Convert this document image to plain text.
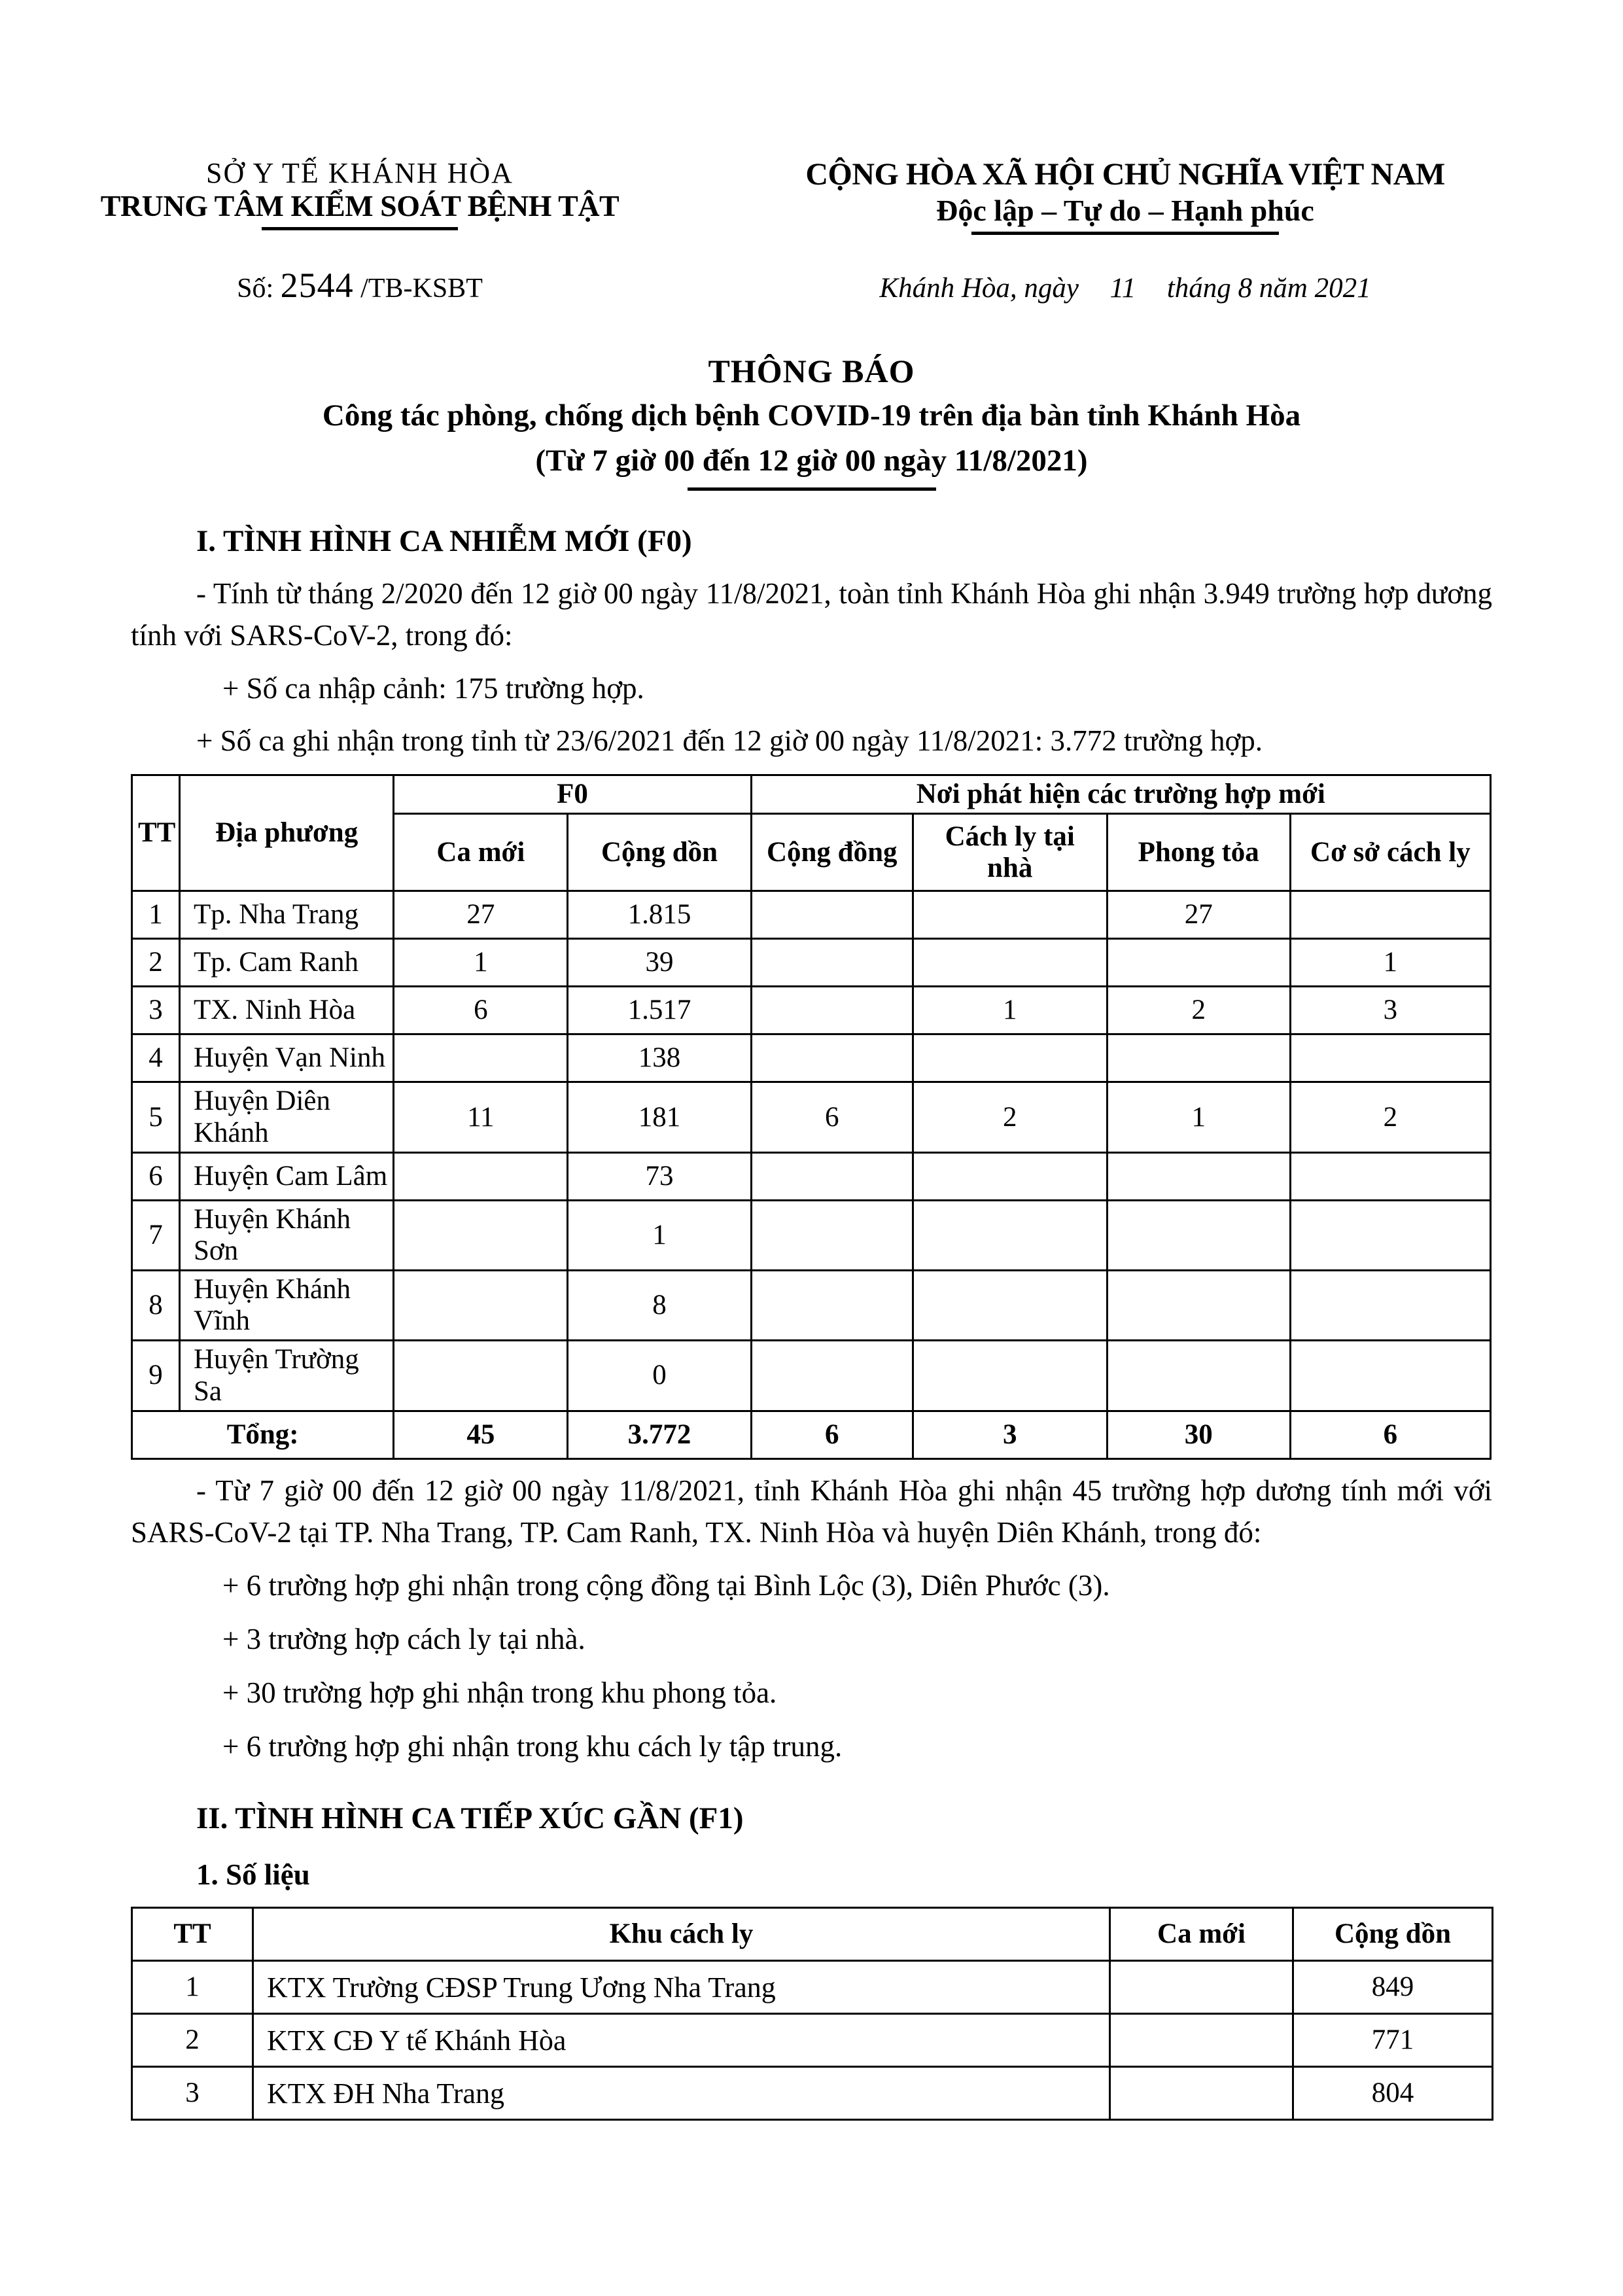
SỞ Y TẾ KHÁNH HÒA
TRUNG TÂM KIỂM SOÁT BỆNH TẬT
CỘNG HÒA XÃ HỘI CHỦ NGHĨA VIỆT NAM
Độc lập – Tự do – Hạnh phúc
Số: 2544 /TB-KSBT	Khánh Hòa, ngày 11 tháng 8 năm 2021
THÔNG BÁO
Công tác phòng, chống dịch bệnh COVID-19 trên địa bàn tỉnh Khánh Hòa
(Từ 7 giờ 00 đến 12 giờ 00 ngày 11/8/2021)
I. TÌNH HÌNH CA NHIỄM MỚI (F0)

- Tính từ tháng 2/2020 đến 12 giờ 00 ngày 11/8/2021, toàn tỉnh Khánh Hòa ghi nhận 3.949 trường hợp dương tính với SARS-CoV-2, trong đó:

+ Số ca nhập cảnh: 175 trường hợp.

+ Số ca ghi nhận trong tỉnh từ 23/6/2021 đến 12 giờ 00 ngày 11/8/2021: 3.772 trường hợp.

TT	Địa phương	F0		Nơi phát hiện các trường hợp mới			
		Ca mới	Cộng dồn	Cộng đồng	Cách ly tại nhà	Phong tỏa	Cơ sở cách ly
1	Tp. Nha Trang	27	1.815			27	
2	Tp. Cam Ranh	1	39				1
3	TX. Ninh Hòa	6	1.517		1	2	3
4	Huyện Vạn Ninh		138				
5	Huyện Diên Khánh	11	181	6	2	1	2
6	Huyện Cam Lâm		73				
7	Huyện Khánh Sơn		1				
8	Huyện Khánh Vĩnh		8				
9	Huyện Trường Sa		0				
Tổng:		45	3.772	6	3	30	6

- Từ 7 giờ 00 đến 12 giờ 00 ngày 11/8/2021, tỉnh Khánh Hòa ghi nhận 45 trường hợp dương tính mới với SARS-CoV-2 tại TP. Nha Trang, TP. Cam Ranh, TX. Ninh Hòa và huyện Diên Khánh, trong đó:

+ 6 trường hợp ghi nhận trong cộng đồng tại Bình Lộc (3), Diên Phước (3).

+ 3 trường hợp cách ly tại nhà.

+ 30 trường hợp ghi nhận trong khu phong tỏa.

+ 6 trường hợp ghi nhận trong khu cách ly tập trung.

II. TÌNH HÌNH CA TIẾP XÚC GẦN (F1)
1. Số liệu
TT	Khu cách ly	Ca mới	Cộng dồn
1	KTX Trường CĐSP Trung Ương Nha Trang		849
2	KTX CĐ Y tế Khánh Hòa		771
3	KTX ĐH Nha Trang		804
